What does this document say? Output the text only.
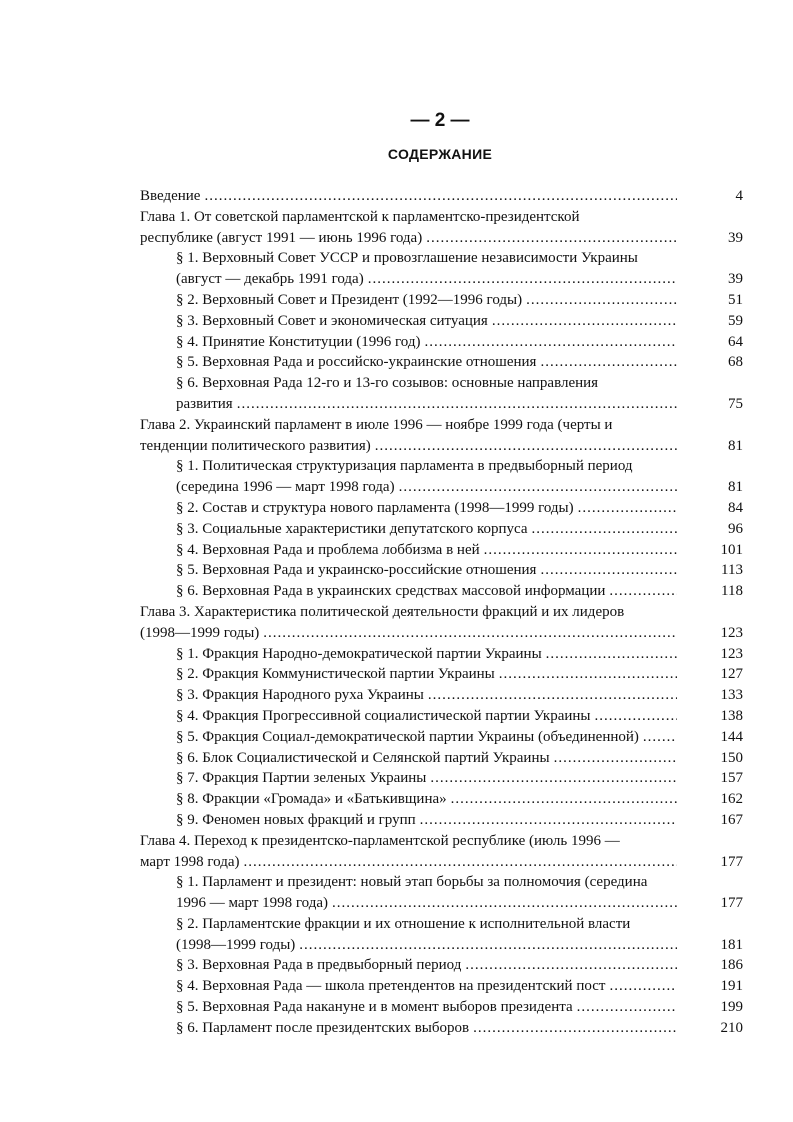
— 2 —
СОДЕРЖАНИЕ
Введение .....	4
Глава 1. От советской парламентской к парламентско-президентской
республике (август 1991 — июнь 1996 года) .....	39
§ 1. Верховный Совет УССР и провозглашение независимости Украины
(август — декабрь 1991 года) .....	39
§ 2. Верховный Совет и Президент (1992—1996 годы) .....	51
§ 3. Верховный Совет и экономическая ситуация .....	59
§ 4. Принятие Конституции (1996 год) .....	64
§ 5. Верховная Рада и российско-украинские отношения .....	68
§ 6. Верховная Рада 12-го и 13-го созывов: основные направления
развития .....	75
Глава 2. Украинский парламент в июле 1996 — ноябре 1999 года (черты и
тенденции политического развития) .....	81
§ 1. Политическая структуризация парламента в предвыборный период
(середина 1996 — март 1998 года) .....	81
§ 2. Состав и структура нового парламента (1998—1999 годы) .....	84
§ 3. Социальные характеристики депутатского корпуса .....	96
§ 4. Верховная Рада и проблема лоббизма в ней .....	101
§ 5. Верховная Рада и украинско-российские отношения .....	113
§ 6. Верховная Рада в украинских средствах массовой информации .....	118
Глава 3. Характеристика политической деятельности фракций и их лидеров
(1998—1999 годы) .....	123
§ 1. Фракция Народно-демократической партии Украины .....	123
§ 2. Фракция Коммунистической партии Украины .....	127
§ 3. Фракция Народного руха Украины .....	133
§ 4. Фракция Прогрессивной социалистической партии Украины .....	138
§ 5. Фракция Социал-демократической партии Украины (объединенной) .....	144
§ 6. Блок Социалистической и Селянской партий Украины .....	150
§ 7. Фракция Партии зеленых Украины .....	157
§ 8. Фракции «Громада» и «Батькивщина» .....	162
§ 9. Феномен новых фракций и групп .....	167
Глава 4. Переход к президентско-парламентской республике (июль 1996 —
март 1998 года) .....	177
§ 1. Парламент и президент: новый этап борьбы за полномочия (середина
1996 — март 1998 года) .....	177
§ 2. Парламентские фракции и их отношение к исполнительной власти
(1998—1999 годы) .....	181
§ 3. Верховная Рада в предвыборный период .....	186
§ 4. Верховная Рада — школа претендентов на президентский пост .....	191
§ 5. Верховная Рада накануне и в момент выборов президента .....	199
§ 6. Парламент после президентских выборов .....	210
